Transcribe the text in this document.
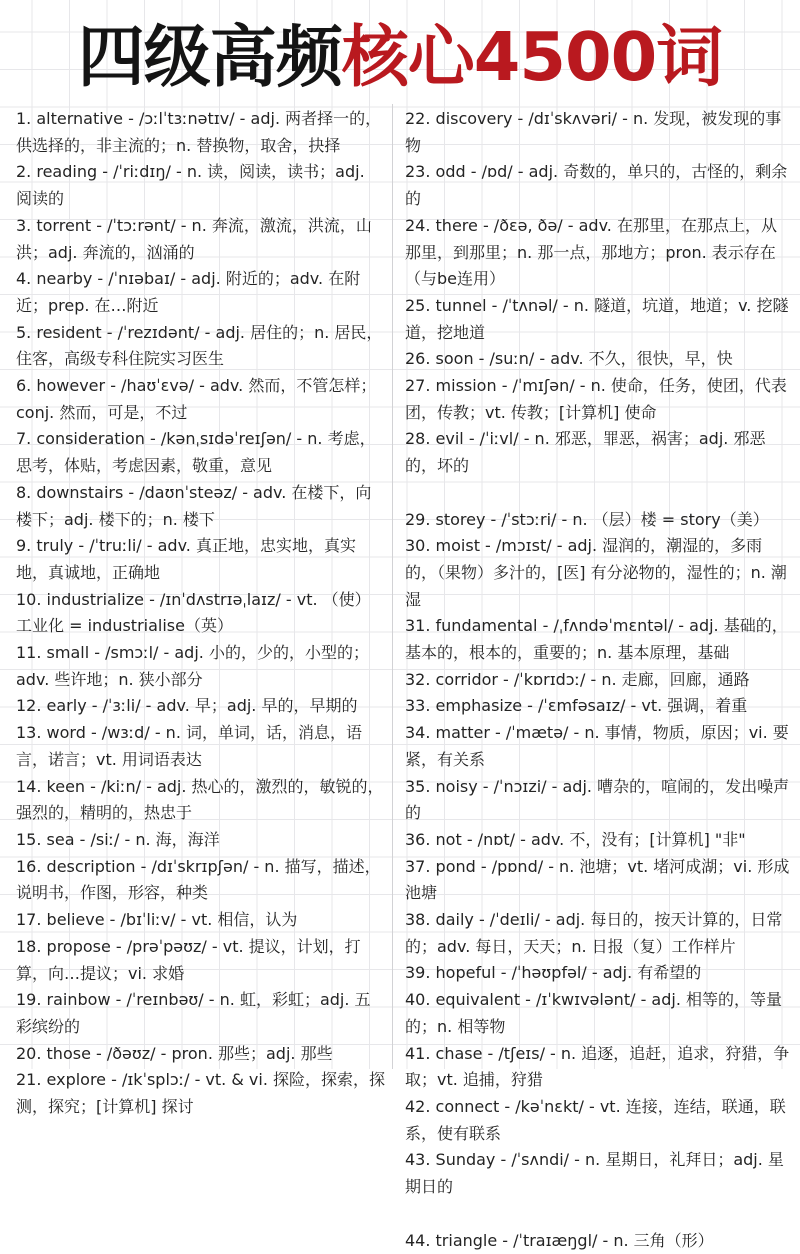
四级高频核心4500词

1. alternative - /ɔːlˈtɜːnətɪv/ - adj. 两者择一的，供选择的，非主流的；n. 替换物，取舍，抉择

2. reading - /ˈriːdɪŋ/ - n. 读，阅读，读书；adj. 阅读的

3. torrent - /ˈtɔːrənt/ - n. 奔流，激流，洪流，山洪；adj. 奔流的，汹涌的

4. nearby - /ˈnɪəbaɪ/ - adj. 附近的；adv. 在附近；prep. 在…附近

5. resident - /ˈrezɪdənt/ - adj. 居住的；n. 居民，住客，高级专科住院实习医生

6. however - /haʊˈɛvə/ - adv. 然而，不管怎样；conj. 然而，可是，不过

7. consideration - /kənˌsɪdəˈreɪʃən/ - n. 考虑，思考，体贴，考虑因素，敬重，意见

8. downstairs - /daʊnˈsteəz/ - adv. 在楼下，向楼下；adj. 楼下的；n. 楼下

9. truly - /ˈtruːli/ - adv. 真正地，忠实地，真实地，真诚地，正确地

10. industrialize - /ɪnˈdʌstrɪəˌlaɪz/ - vt. （使）工业化 = industrialise（英）

11. small - /smɔːl/ - adj. 小的，少的，小型的；adv. 些许地；n. 狭小部分

12. early - /ˈɜːli/ - adv. 早；adj. 早的，早期的

13. word - /wɜːd/ - n. 词，单词，话，消息，语言，诺言；vt. 用词语表达

14. keen - /kiːn/ - adj. 热心的，激烈的，敏锐的，强烈的，精明的，热忠于

15. sea - /siː/ - n. 海，海洋

16. description - /dɪˈskrɪpʃən/ - n. 描写，描述，说明书，作图，形容，种类

17. believe - /bɪˈliːv/ - vt. 相信，认为

18. propose - /prəˈpəʊz/ - vt. 提议，计划，打算，向…提议；vi. 求婚

19. rainbow - /ˈreɪnbəʊ/ - n. 虹，彩虹；adj. 五彩缤纷的

20. those - /ðəʊz/ - pron. 那些；adj. 那些

21. explore - /ɪkˈsplɔː/ - vt. & vi. 探险，探索，探测，探究；[计算机] 探讨

22. discovery - /dɪˈskʌvəri/ - n. 发现，被发现的事物

23. odd - /ɒd/ - adj. 奇数的，单只的，古怪的，剩余的

24. there - /ðɛə, ðə/ - adv. 在那里，在那点上，从那里，到那里；n. 那一点，那地方；pron. 表示存在（与be连用）

25. tunnel - /ˈtʌnəl/ - n. 隧道，坑道，地道；v. 挖隧道，挖地道

26. soon - /suːn/ - adv. 不久，很快，早，快

27. mission - /ˈmɪʃən/ - n. 使命，任务，使团，代表团，传教；vt. 传教；[计算机] 使命

28. evil - /ˈiːvl/ - n. 邪恶，罪恶，祸害；adj. 邪恶的，坏的

29. storey - /ˈstɔːri/ - n. （层）楼 = story（美）

30. moist - /mɔɪst/ - adj. 湿润的，潮湿的，多雨的，（果物）多汁的，[医] 有分泌物的，湿性的；n. 潮湿

31. fundamental - /ˌfʌndəˈmɛntəl/ - adj. 基础的，基本的，根本的，重要的；n. 基本原理，基础

32. corridor - /ˈkɒrɪdɔː/ - n. 走廊，回廊，通路

33. emphasize - /ˈɛmfəsaɪz/ - vt. 强调，着重

34. matter - /ˈmætə/ - n. 事情，物质，原因；vi. 要紧，有关系

35. noisy - /ˈnɔɪzi/ - adj. 嘈杂的，喧闹的，发出噪声的

36. not - /nɒt/ - adv. 不，没有；[计算机] "非"

37. pond - /pɒnd/ - n. 池塘；vt. 堵河成湖；vi. 形成池塘

38. daily - /ˈdeɪli/ - adj. 每日的，按天计算的，日常的；adv. 每日，天天；n. 日报（复）工作样片

39. hopeful - /ˈhəʊpfəl/ - adj. 有希望的

40. equivalent - /ɪˈkwɪvələnt/ - adj. 相等的，等量的；n. 相等物

41. chase - /tʃeɪs/ - n. 追逐，追赶，追求，狩猎，争取；vt. 追捕，狩猎

42. connect - /kəˈnɛkt/ - vt. 连接，连结，联通，联系，使有联系

43. Sunday - /ˈsʌndi/ - n. 星期日，礼拜日；adj. 星期日的

44. triangle - /ˈtraɪæŋgl/ - n. 三角（形）
